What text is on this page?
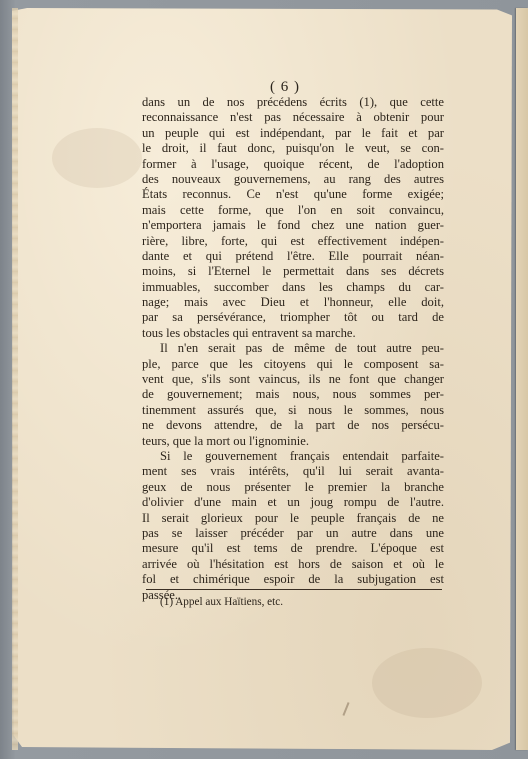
( 6 )
dans un de nos précédens écrits (1), que cette
reconnaissance n'est pas nécessaire à obtenir pour
un peuple qui est indépendant, par le fait et par
le droit, il faut donc, puisqu'on le veut, se con-
former à l'usage, quoique récent, de l'adoption
des nouveaux gouvernemens, au rang des autres
États reconnus. Ce n'est qu'une forme exigée;
mais cette forme, que l'on en soit convaincu,
n'emportera jamais le fond chez une nation guer-
rière, libre, forte, qui est effectivement indépen-
dante et qui prétend l'être. Elle pourrait néan-
moins, si l'Eternel le permettait dans ses décrets
immuables, succomber dans les champs du car-
nage; mais avec Dieu et l'honneur, elle doit,
par sa persévérance, triompher tôt ou tard de
tous les obstacles qui entravent sa marche.
Il n'en serait pas de même de tout autre peu-
ple, parce que les citoyens qui le composent sa-
vent que, s'ils sont vaincus, ils ne font que changer
de gouvernement; mais nous, nous sommes per-
tinemment assurés que, si nous le sommes, nous
ne devons attendre, de la part de nos persécu-
teurs, que la mort ou l'ignominie.
Si le gouvernement français entendait parfaite-
ment ses vrais intérêts, qu'il lui serait avanta-
geux de nous présenter le premier la branche
d'olivier d'une main et un joug rompu de l'autre.
Il serait glorieux pour le peuple français de ne
pas se laisser précéder par un autre dans une
mesure qu'il est tems de prendre. L'époque est
arrivée où l'hésitation est hors de saison et où le
fol et chimérique espoir de la subjugation est
passée.
(1) Appel aux Haïtiens, etc.
